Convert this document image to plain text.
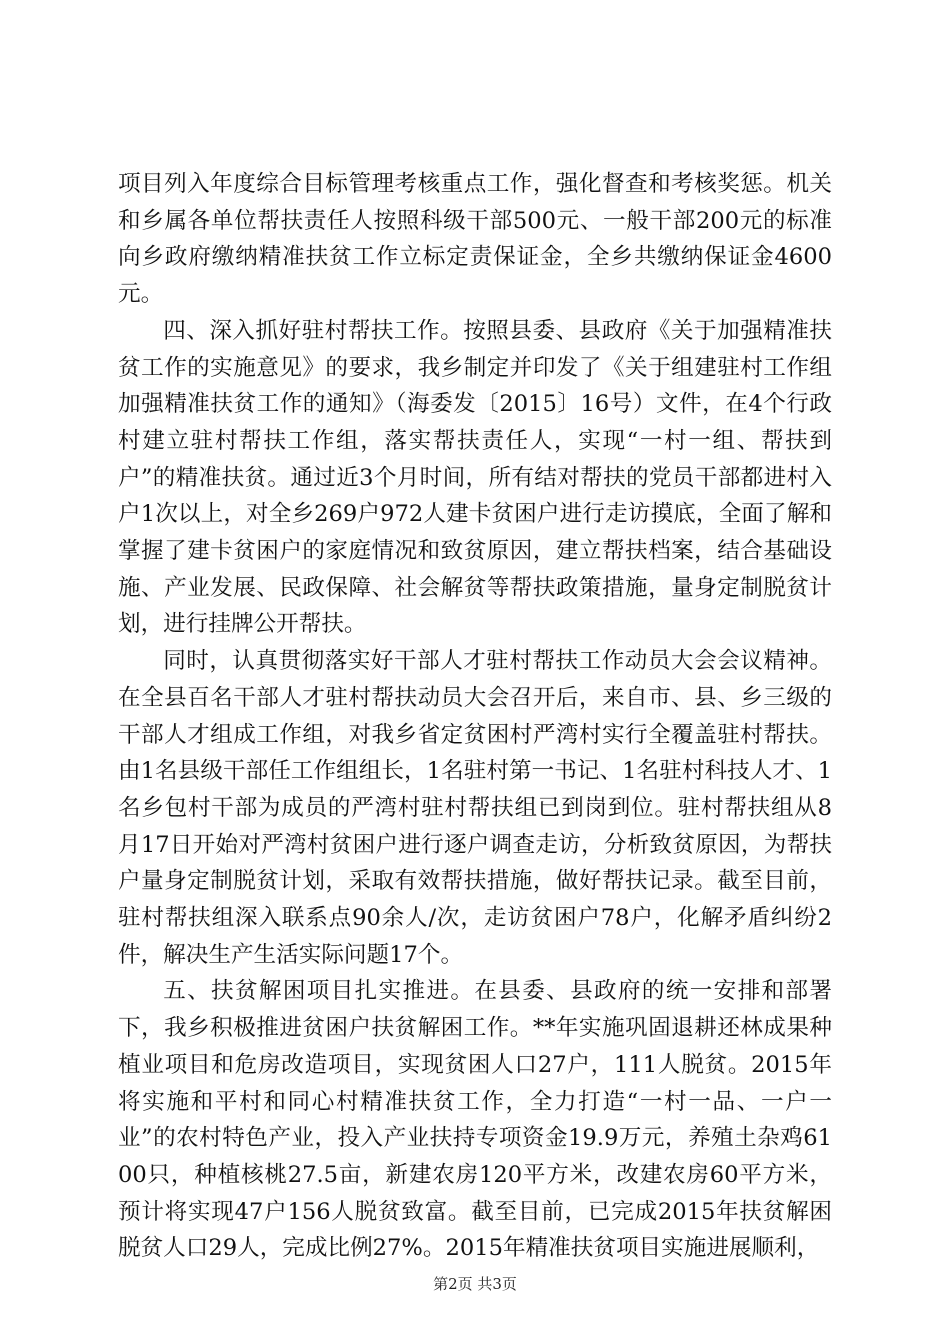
项目列入年度综合目标管理考核重点工作，强化督查和考核奖惩。机关和乡属各单位帮扶责任人按照科级干部500元、一般干部200元的标准向乡政府缴纳精准扶贫工作立标定责保证金，全乡共缴纳保证金4600元。

四、深入抓好驻村帮扶工作。按照县委、县政府《关于加强精准扶贫工作的实施意见》的要求，我乡制定并印发了《关于组建驻村工作组加强精准扶贫工作的通知》（海委发〔2015〕16号）文件，在4个行政村建立驻村帮扶工作组，落实帮扶责任人，实现“一村一组、帮扶到户”的精准扶贫。通过近3个月时间，所有结对帮扶的党员干部都进村入户1次以上，对全乡269户972人建卡贫困户进行走访摸底，全面了解和掌握了建卡贫困户的家庭情况和致贫原因，建立帮扶档案，结合基础设施、产业发展、民政保障、社会解贫等帮扶政策措施，量身定制脱贫计划，进行挂牌公开帮扶。

同时，认真贯彻落实好干部人才驻村帮扶工作动员大会会议精神。在全县百名干部人才驻村帮扶动员大会召开后，来自市、县、乡三级的干部人才组成工作组，对我乡省定贫困村严湾村实行全覆盖驻村帮扶。由1名县级干部任工作组组长，1名驻村第一书记、1名驻村科技人才、1名乡包村干部为成员的严湾村驻村帮扶组已到岗到位。驻村帮扶组从8月17日开始对严湾村贫困户进行逐户调查走访，分析致贫原因，为帮扶户量身定制脱贫计划，采取有效帮扶措施，做好帮扶记录。截至目前，驻村帮扶组深入联系点90余人/次，走访贫困户78户，化解矛盾纠纷2件，解决生产生活实际问题17个。

五、扶贫解困项目扎实推进。在县委、县政府的统一安排和部署下，我乡积极推进贫困户扶贫解困工作。**年实施巩固退耕还林成果种植业项目和危房改造项目，实现贫困人口27户，111人脱贫。2015年将实施和平村和同心村精准扶贫工作，全力打造“一村一品、一户一业”的农村特色产业，投入产业扶持专项资金19.9万元，养殖土杂鸡6100只，种植核桃27.5亩，新建农房120平方米，改建农房60平方米，预计将实现47户156人脱贫致富。截至目前，已完成2015年扶贫解困脱贫人口29人，完成比例27%。2015年精准扶贫项目实施进展顺利，

第2页 共3页
